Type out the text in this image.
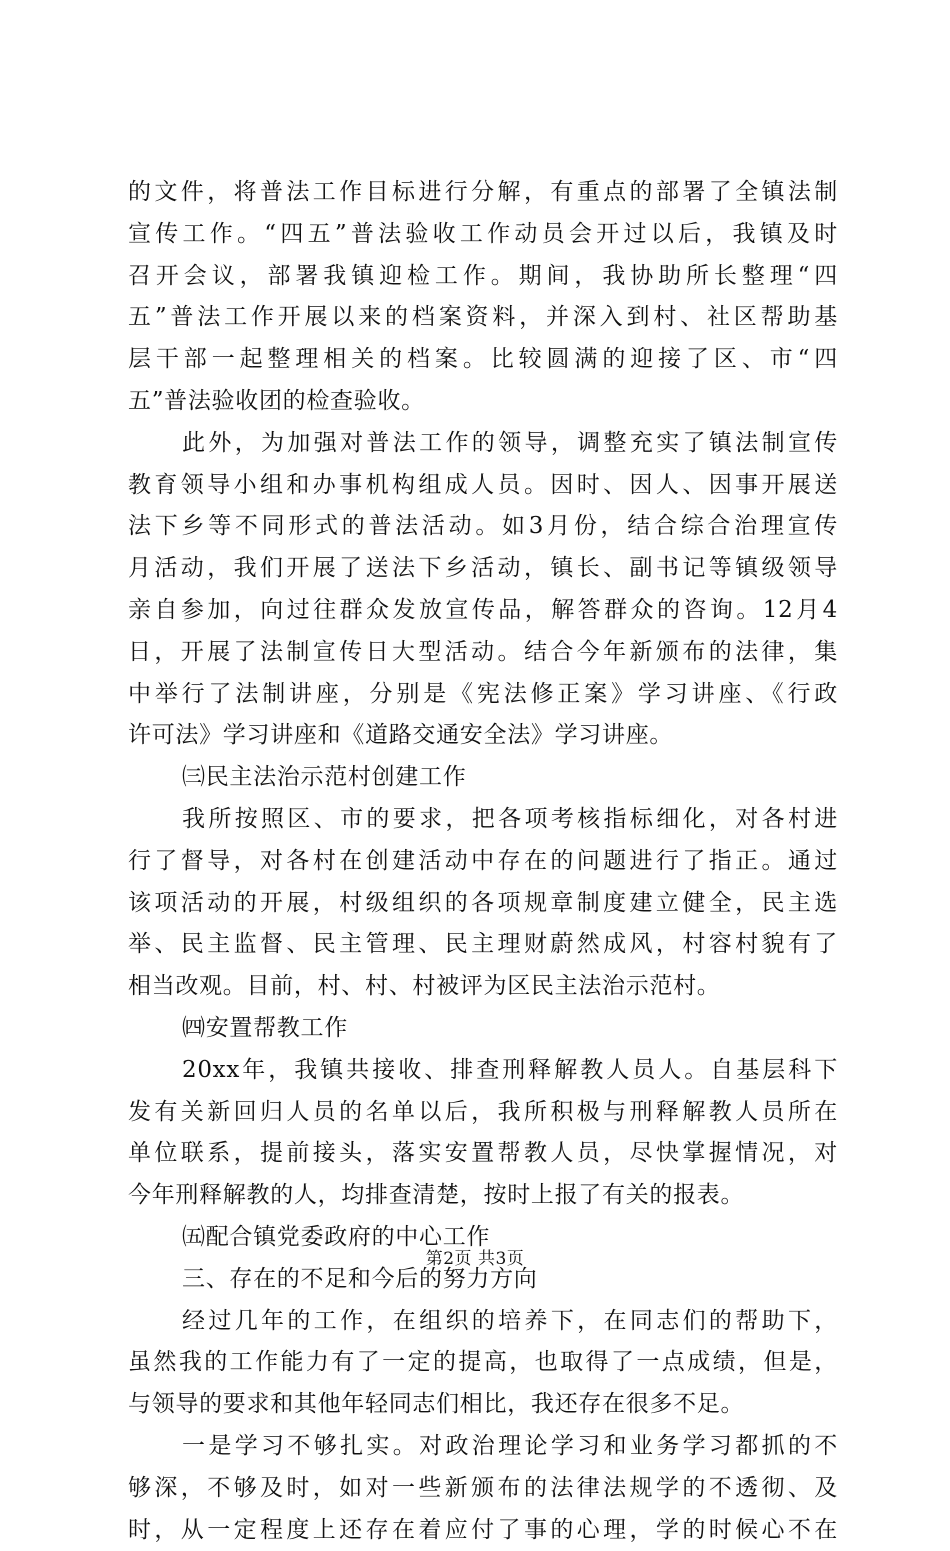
的文件，将普法工作目标进行分解，有重点的部署了全镇法制
宣传工作。“四五”普法验收工作动员会开过以后，我镇及时
召开会议，部署我镇迎检工作。期间，我协助所长整理“四
五”普法工作开展以来的档案资料，并深入到村、社区帮助基
层干部一起整理相关的档案。比较圆满的迎接了区、市“四
五”普法验收团的检查验收。
此外，为加强对普法工作的领导，调整充实了镇法制宣传
教育领导小组和办事机构组成人员。因时、因人、因事开展送
法下乡等不同形式的普法活动。如3月份，结合综合治理宣传
月活动，我们开展了送法下乡活动，镇长、副书记等镇级领导
亲自参加，向过往群众发放宣传品，解答群众的咨询。12月4
日，开展了法制宣传日大型活动。结合今年新颁布的法律，集
中举行了法制讲座，分别是《宪法修正案》学习讲座、《行政
许可法》学习讲座和《道路交通安全法》学习讲座。
㈢民主法治示范村创建工作
我所按照区、市的要求，把各项考核指标细化，对各村进
行了督导，对各村在创建活动中存在的问题进行了指正。通过
该项活动的开展，村级组织的各项规章制度建立健全，民主选
举、民主监督、民主管理、民主理财蔚然成风，村容村貌有了
相当改观。目前，村、村、村被评为区民主法治示范村。
㈣安置帮教工作
20xx年，我镇共接收、排查刑释解教人员人。自基层科下
发有关新回归人员的名单以后，我所积极与刑释解教人员所在
单位联系，提前接头，落实安置帮教人员，尽快掌握情况，对
今年刑释解教的人，均排查清楚，按时上报了有关的报表。
㈤配合镇党委政府的中心工作
三、存在的不足和今后的努力方向
经过几年的工作，在组织的培养下，在同志们的帮助下，
虽然我的工作能力有了一定的提高，也取得了一点成绩，但是，
与领导的要求和其他年轻同志们相比，我还存在很多不足。
一是学习不够扎实。对政治理论学习和业务学习都抓的不
够深，不够及时，如对一些新颁布的法律法规学的不透彻、及
时，从一定程度上还存在着应付了事的心理，学的时候心不在
第2页 共3页
